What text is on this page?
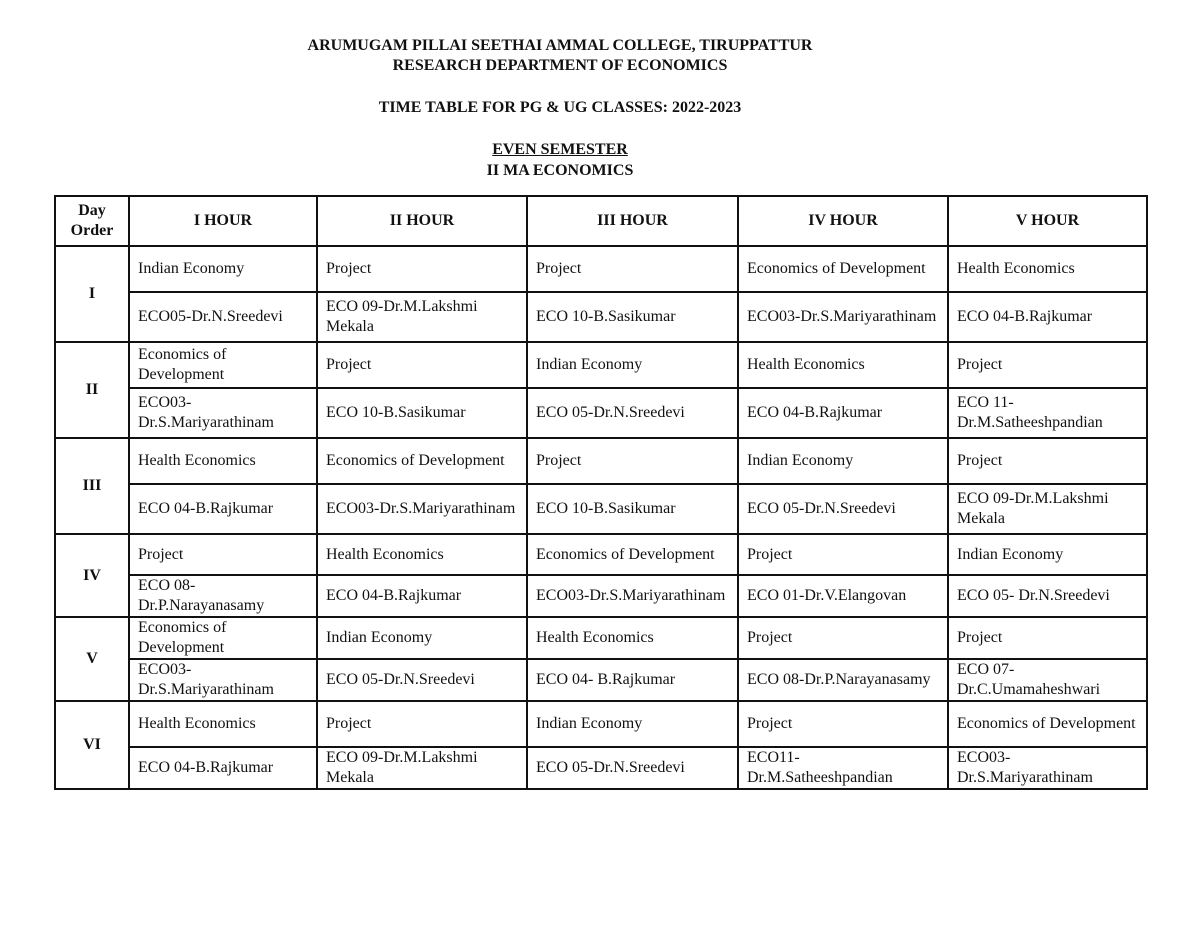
ARUMUGAM PILLAI SEETHAI AMMAL COLLEGE, TIRUPPATTUR

RESEARCH DEPARTMENT OF ECONOMICS

TIME TABLE FOR PG & UG CLASSES: 2022-2023

EVEN SEMESTER

II MA ECONOMICS

Day Order	I HOUR	II HOUR	III HOUR	IV HOUR	V HOUR
I	Indian Economy	Project	Project	Economics of Development	Health Economics
	ECO05-Dr.N.Sreedevi	ECO 09-Dr.M.Lakshmi Mekala	ECO 10-B.Sasikumar	ECO03-Dr.S.Mariyarathinam	ECO 04-B.Rajkumar
II	Economics of Development	Project	Indian Economy	Health Economics	Project
	ECO03-Dr.S.Mariyarathinam	ECO 10-B.Sasikumar	ECO 05-Dr.N.Sreedevi	ECO 04-B.Rajkumar	ECO 11-Dr.M.Satheeshpandian
III	Health Economics	Economics of Development	Project	Indian Economy	Project
	ECO 04-B.Rajkumar	ECO03-Dr.S.Mariyarathinam	ECO 10-B.Sasikumar	ECO 05-Dr.N.Sreedevi	ECO 09-Dr.M.Lakshmi Mekala
IV	Project	Health Economics	Economics of Development	Project	Indian Economy
	ECO 08-Dr.P.Narayanasamy	ECO 04-B.Rajkumar	ECO03-Dr.S.Mariyarathinam	ECO 01-Dr.V.Elangovan	ECO 05- Dr.N.Sreedevi
V	Economics of Development	Indian Economy	Health Economics	Project	Project
	ECO03-Dr.S.Mariyarathinam	ECO 05-Dr.N.Sreedevi	ECO 04- B.Rajkumar	ECO 08-Dr.P.Narayanasamy	ECO 07-Dr.C.Umamaheshwari
VI	Health Economics	Project	Indian Economy	Project	Economics of Development
	ECO 04-B.Rajkumar	ECO 09-Dr.M.Lakshmi Mekala	ECO 05-Dr.N.Sreedevi	ECO11-Dr.M.Satheeshpandian	ECO03-Dr.S.Mariyarathinam
